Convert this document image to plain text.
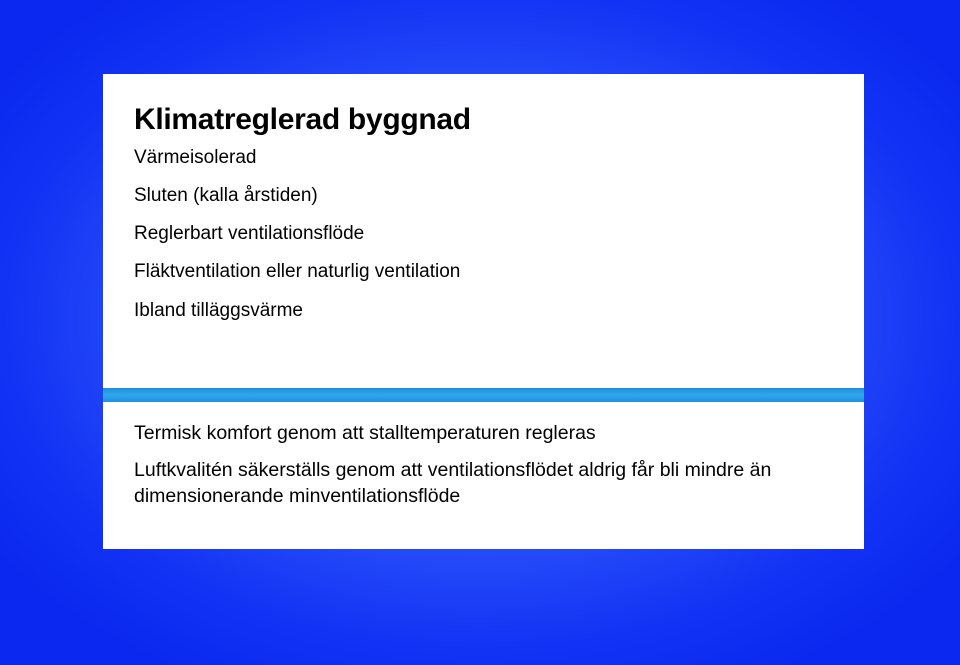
Klimatreglerad byggnad
Värmeisolerad
Sluten (kalla årstiden)
Reglerbart ventilationsflöde
Fläktventilation eller naturlig ventilation
Ibland tilläggsvärme
Termisk komfort genom att stalltemperaturen regleras
Luftkvalitén säkerställs genom att ventilationsflödet aldrig får bli mindre än dimensionerande minventilationsflöde
